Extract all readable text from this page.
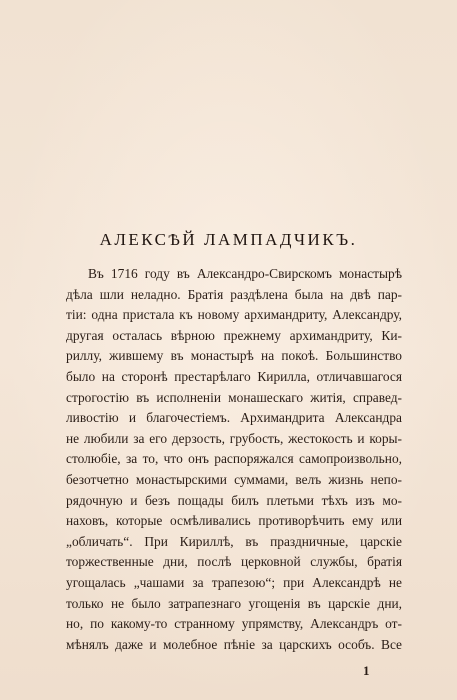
АЛЕКСѢЙ ЛАМПАДЧИКЪ.
Въ 1716 году въ Александро-Свирскомъ монастырѣ
дѣла шли неладно. Братія раздѣлена была на двѣ пар-
тіи: одна пристала къ новому архимандриту, Александру,
другая осталась вѣрною прежнему архимандриту, Ки-
риллу, жившему въ монастырѣ на покоѣ. Большинство
было на сторонѣ престарѣлаго Кирилла, отличавшагося
строгостію въ исполненіи монашескаго житія, справед-
ливостію и благочестіемъ. Архимандрита Александра
не любили за его дерзость, грубость, жестокость и коры-
столюбіе, за то, что онъ распоряжался самопроизвольно,
безотчетно монастырскими суммами, велъ жизнь непо-
рядочную и безъ пощады билъ плетьми тѣхъ изъ мо-
наховъ, которые осмѣливались противорѣчить ему или
„обличать“. При Кириллѣ, въ праздничные, царскіе
торжественные дни, послѣ церковной службы, братія
угощалась „чашами за трапезою“; при Александрѣ не
только не было затрапезнаго угощенія въ царскіе дни,
но, по какому-то странному упрямству, Александръ от-
мѣнялъ даже и молебное пѣніе за царскихъ особъ. Все
1
